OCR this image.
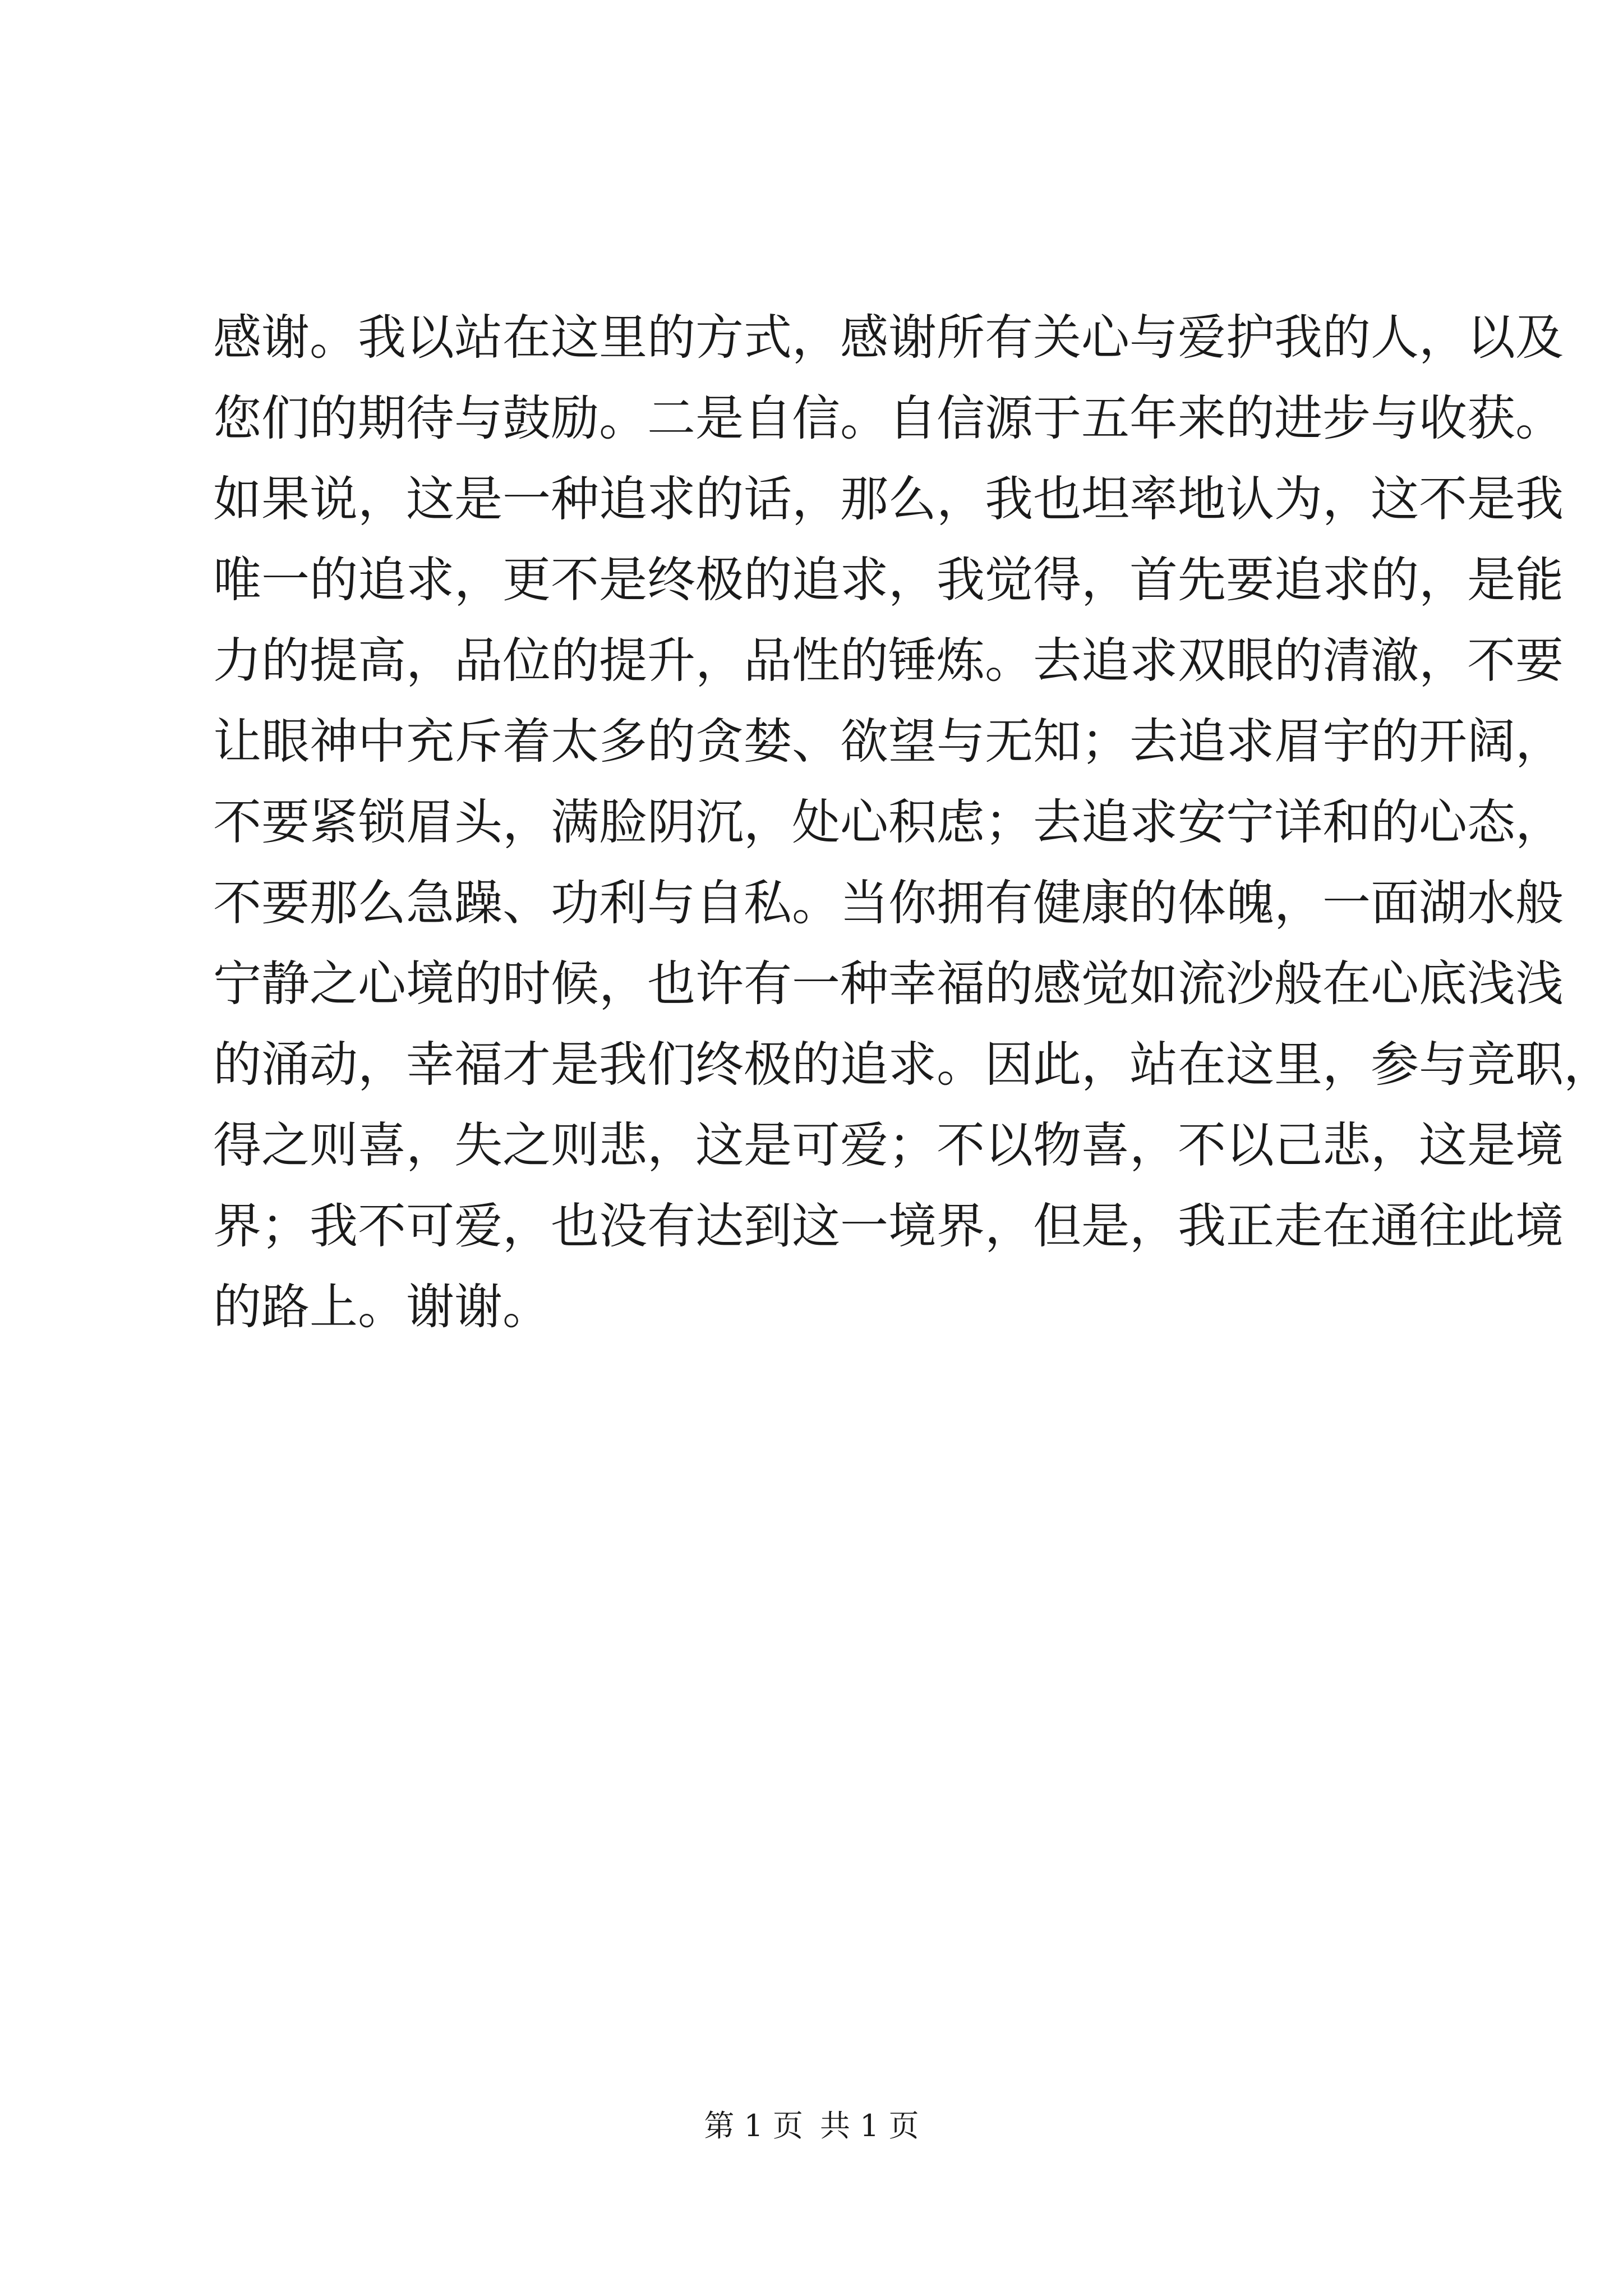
感谢。我以站在这里的方式，感谢所有关心与爱护我的人，以及
您们的期待与鼓励。二是自信。自信源于五年来的进步与收获。
如果说，这是一种追求的话，那么，我也坦率地认为，这不是我
唯一的追求，更不是终极的追求，我觉得，首先要追求的，是能
力的提高，品位的提升，品性的锤炼。去追求双眼的清澈，不要
让眼神中充斥着太多的贪婪、欲望与无知；去追求眉宇的开阔，
不要紧锁眉头，满脸阴沉，处心积虑；去追求安宁详和的心态，
不要那么急躁、功利与自私。当你拥有健康的体魄，一面湖水般
宁静之心境的时候，也许有一种幸福的感觉如流沙般在心底浅浅
的涌动，幸福才是我们终极的追求。因此，站在这里，参与竞职，
得之则喜，失之则悲，这是可爱；不以物喜，不以己悲，这是境
界；我不可爱，也没有达到这一境界，但是，我正走在通往此境
的路上。谢谢。
第 1 页 共 1 页
